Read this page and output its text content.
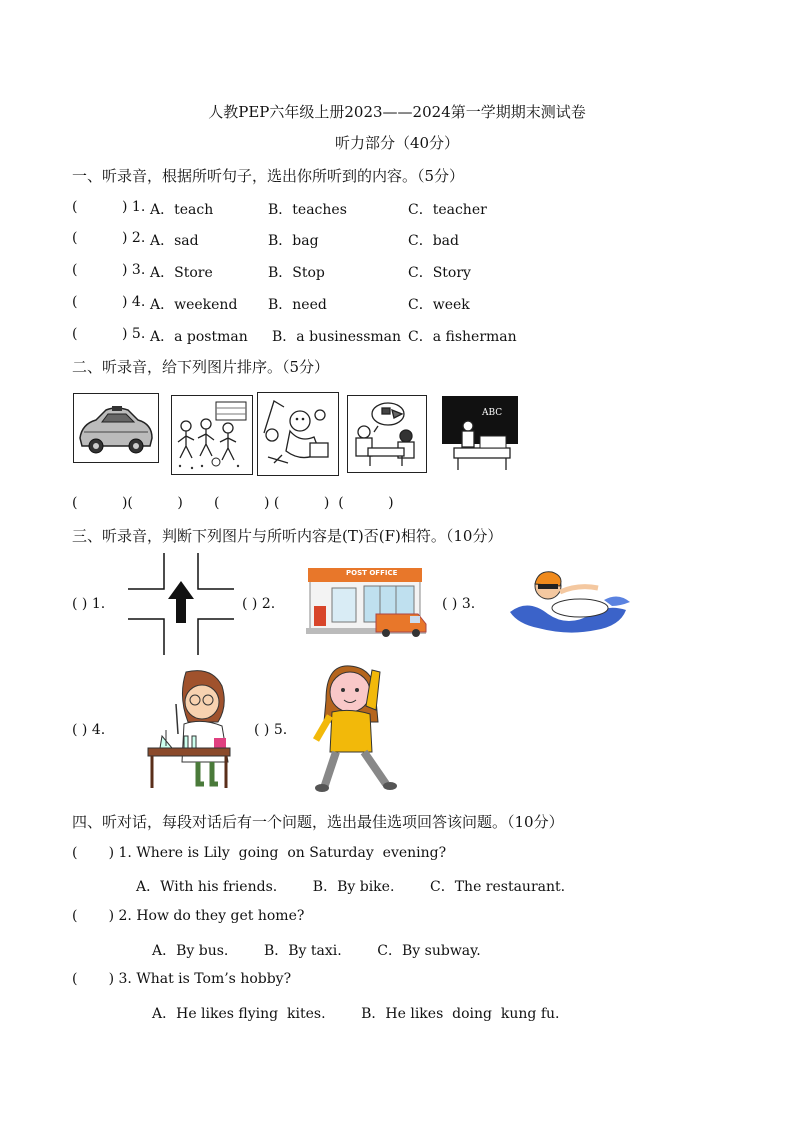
人教PEP六年级上册2023——2024第一学期期末测试卷
听力部分（40分）
一、听录音，根据所听句子，选出你所听到的内容。（5分）
(	) 1. A．teach	B．teaches	C．teacher
(	) 2. A．sad	B．bag	C．bad
(	) 3. A．Store	B．Stop	C．Story
(	) 4. A．weekend B．need	C．week
(	) 5. A．a postman B．a businessman C．a fisherman
二、听录音，给下列图片排序。（5分）
ABC
(          )(          )       (          ) (          )  (          )
三、听录音，判断下列图片与所听内容是(T)否(F)相符。（10分）
( ) 1.	( ) 2.
POST OFFICE
( ) 3.
( ) 4.	( ) 5.
四、听对话，每段对话后有一个问题，选出最佳选项回答该问题。（10分）
(       ) 1. Where is Lily  going  on Saturday  evening?
A．With his friends.        B．By bike.        C．The restaurant.
(       ) 2. How do they get home?
A．By bus.        B．By taxi.        C．By subway.
(       ) 3. What is Tom’s hobby?
A．He likes flying  kites.        B．He likes  doing  kung fu.
